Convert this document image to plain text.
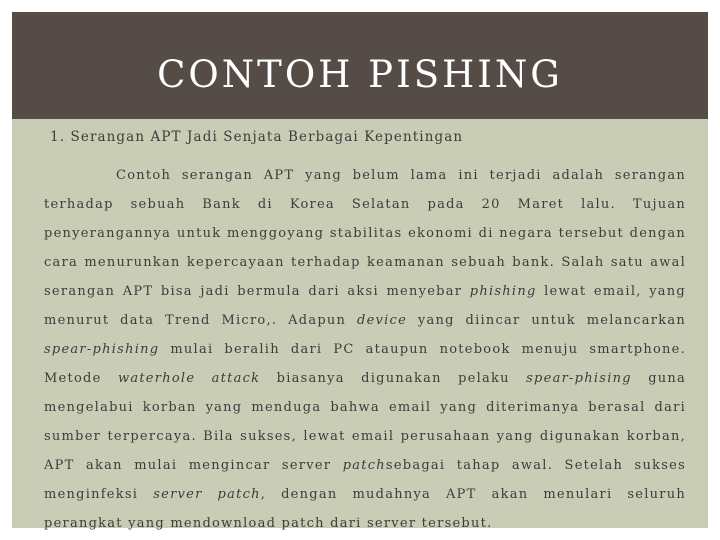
CONTOH PISHING
1. Serangan APT Jadi Senjata Berbagai Kepentingan

Contoh serangan APT yang belum lama ini terjadi adalah serangan terhadap sebuah Bank di Korea Selatan pada 20 Maret lalu. Tujuan penyerangannya untuk menggoyang stabilitas ekonomi di negara tersebut dengan cara menurunkan kepercayaan terhadap keamanan sebuah bank. Salah satu awal serangan APT bisa jadi bermula dari aksi menyebar phishing lewat email, yang menurut data Trend Micro,. Adapun device yang diincar untuk melancarkan spear-phishing mulai beralih dari PC ataupun notebook menuju smartphone. Metode waterhole attack biasanya digunakan pelaku spear-phising guna mengelabui korban yang menduga bahwa email yang diterimanya berasal dari sumber terpercaya. Bila sukses, lewat email perusahaan yang digunakan korban, APT akan mulai mengincar server patchsebagai tahap awal. Setelah sukses menginfeksi server patch, dengan mudahnya APT akan menulari seluruh perangkat yang mendownload patch dari server tersebut.
